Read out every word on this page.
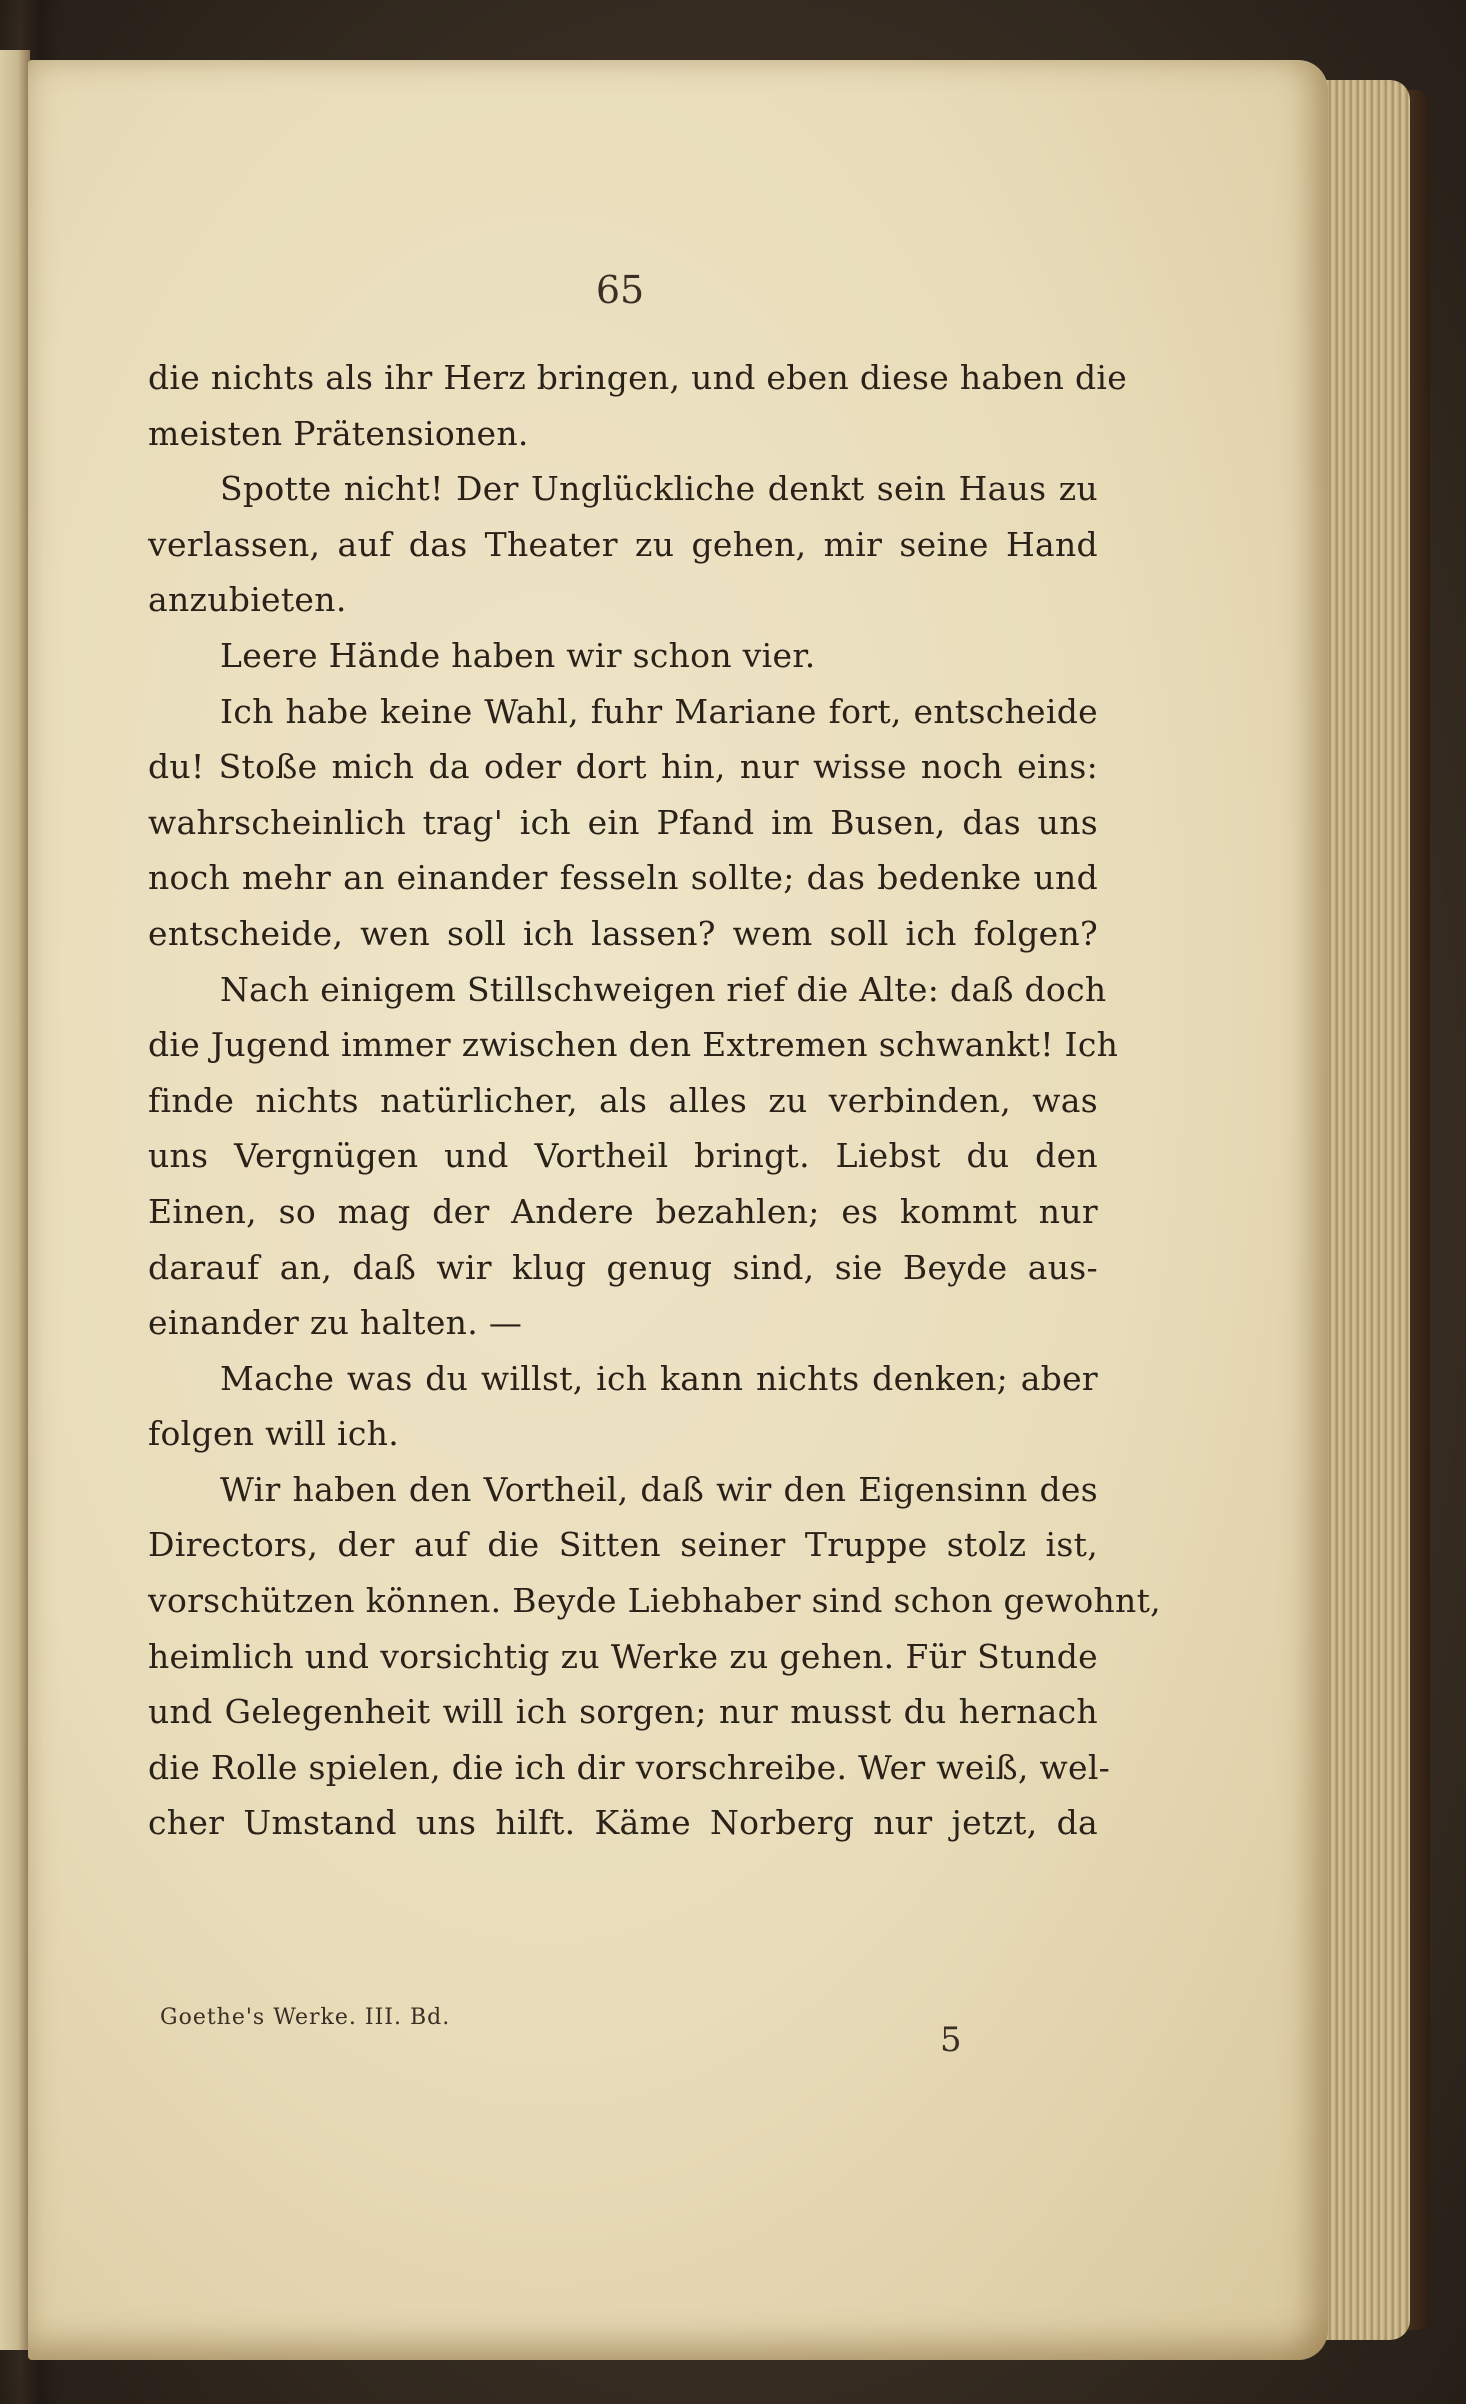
65
die nichts als ihr Herz bringen, und eben diese haben die
meisten Prätensionen.
Spotte nicht! Der Unglückliche denkt sein Haus zu
verlassen, auf das Theater zu gehen, mir seine Hand
anzubieten.
Leere Hände haben wir schon vier.
Ich habe keine Wahl, fuhr Mariane fort, entscheide
du! Stoße mich da oder dort hin, nur wisse noch eins:
wahrscheinlich trag' ich ein Pfand im Busen, das uns
noch mehr an einander fesseln sollte; das bedenke und
entscheide, wen soll ich lassen? wem soll ich folgen?
Nach einigem Stillschweigen rief die Alte: daß doch
die Jugend immer zwischen den Extremen schwankt! Ich
finde nichts natürlicher, als alles zu verbinden, was
uns Vergnügen und Vortheil bringt. Liebst du den
Einen, so mag der Andere bezahlen; es kommt nur
darauf an, daß wir klug genug sind, sie Beyde aus-
einander zu halten. —
Mache was du willst, ich kann nichts denken; aber
folgen will ich.
Wir haben den Vortheil, daß wir den Eigensinn des
Directors, der auf die Sitten seiner Truppe stolz ist,
vorschützen können. Beyde Liebhaber sind schon gewohnt,
heimlich und vorsichtig zu Werke zu gehen. Für Stunde
und Gelegenheit will ich sorgen; nur musst du hernach
die Rolle spielen, die ich dir vorschreibe. Wer weiß, wel-
cher Umstand uns hilft. Käme Norberg nur jetzt, da
Goethe's Werke. III. Bd.
5
